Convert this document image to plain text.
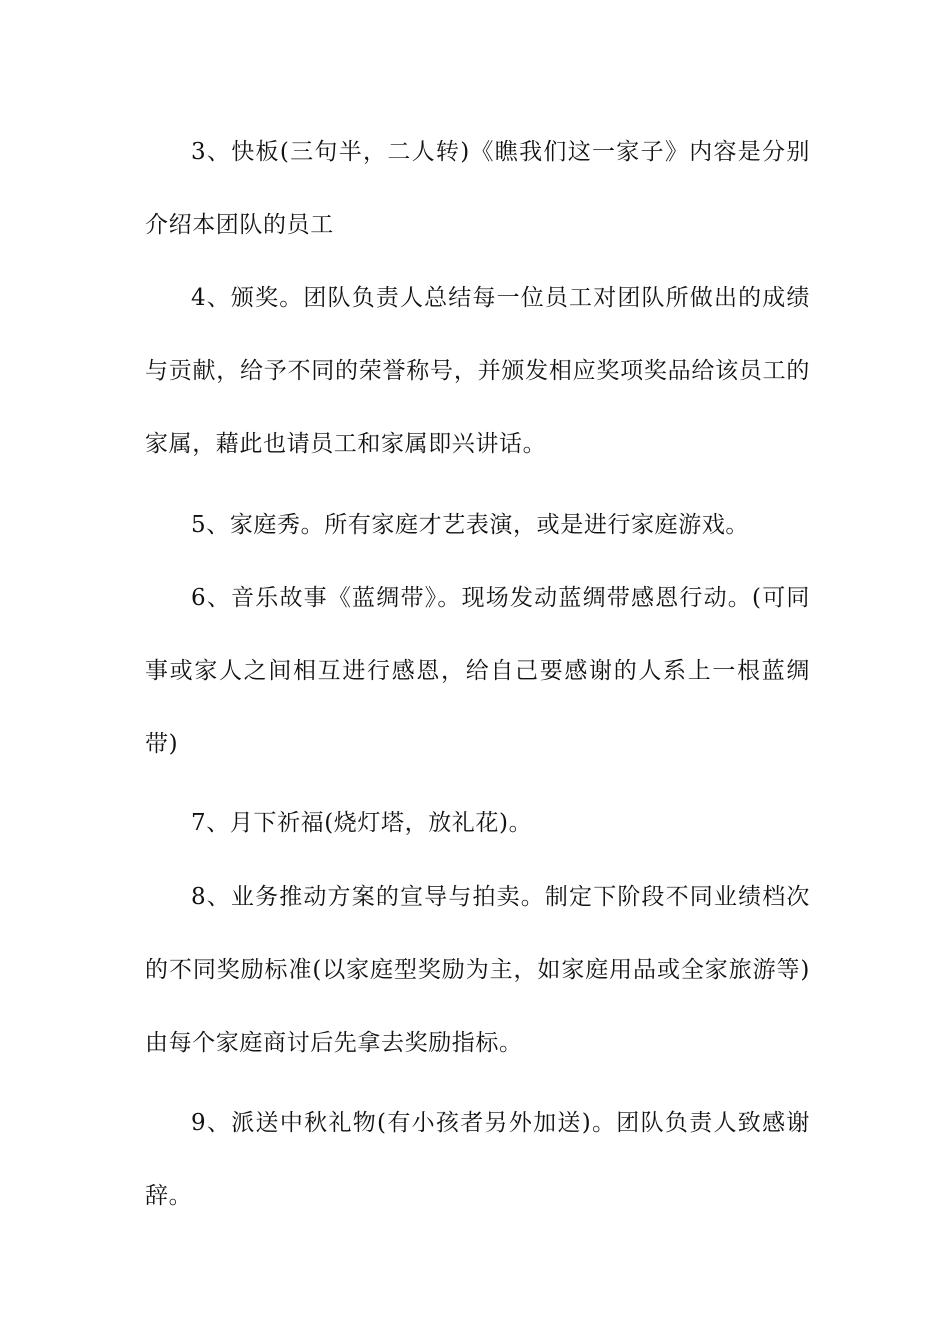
3、快板(三句半，二人转)《瞧我们这一家子》内容是分别介绍本团队的员工

4、颁奖。团队负责人总结每一位员工对团队所做出的成绩与贡献，给予不同的荣誉称号，并颁发相应奖项奖品给该员工的家属，藉此也请员工和家属即兴讲话。

5、家庭秀。所有家庭才艺表演，或是进行家庭游戏。

6、音乐故事《蓝绸带》。现场发动蓝绸带感恩行动。(可同事或家人之间相互进行感恩，给自己要感谢的人系上一根蓝绸带)

7、月下祈福(烧灯塔，放礼花)。

8、业务推动方案的宣导与拍卖。制定下阶段不同业绩档次的不同奖励标准(以家庭型奖励为主，如家庭用品或全家旅游等)由每个家庭商讨后先拿去奖励指标。

9、派送中秋礼物(有小孩者另外加送)。团队负责人致感谢辞。
